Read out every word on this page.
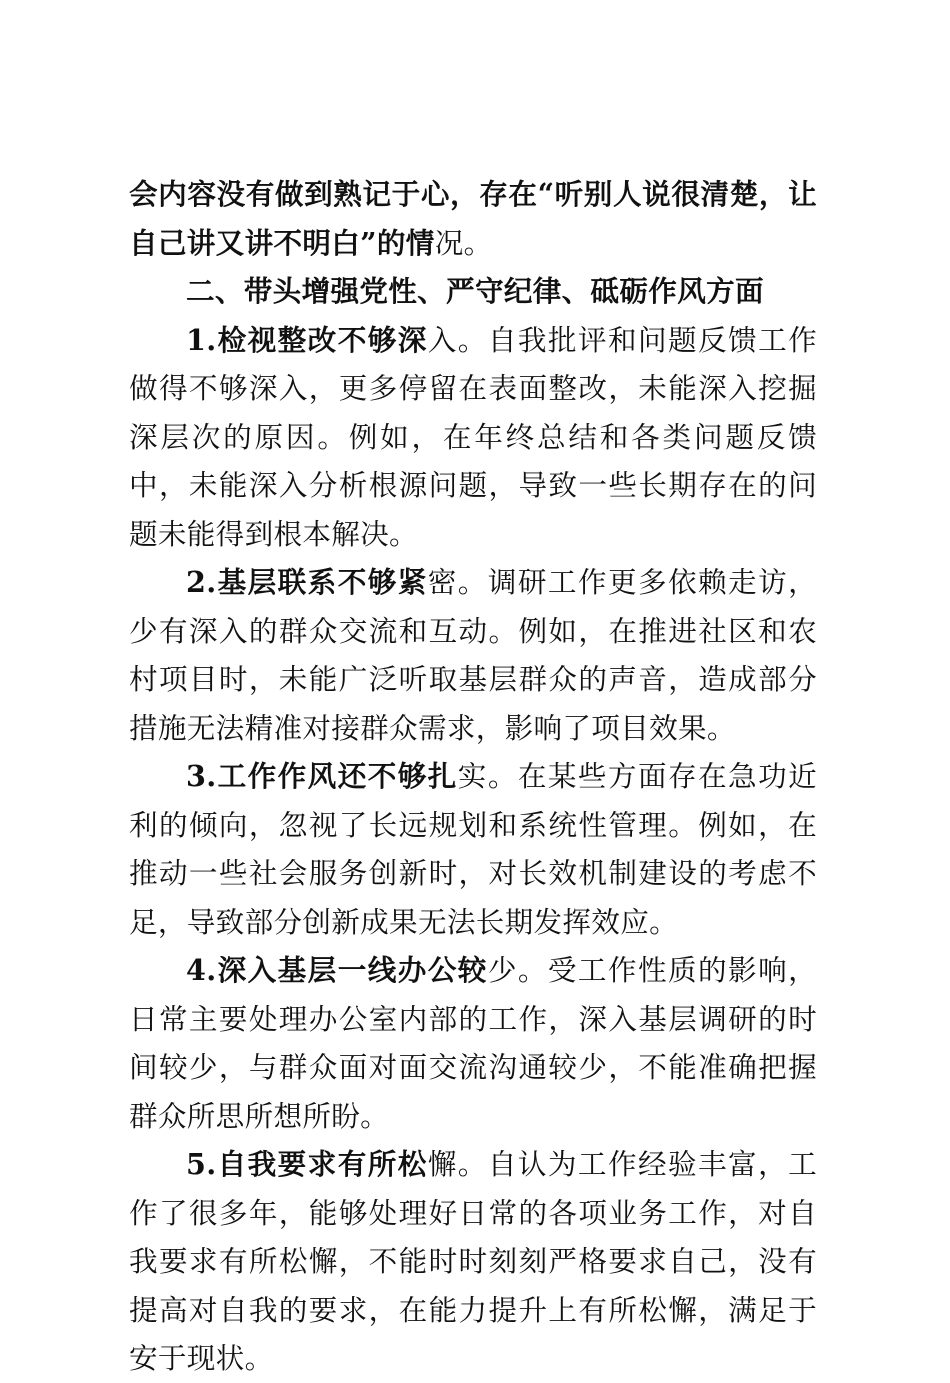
会内容没有做到熟记于心，存在“听别人说很清楚，让自己讲又讲不明白”的情况。

二、带头增强党性、严守纪律、砥砺作风方面

1.检视整改不够深入。自我批评和问题反馈工作做得不够深入，更多停留在表面整改，未能深入挖掘深层次的原因。例如，在年终总结和各类问题反馈中，未能深入分析根源问题，导致一些长期存在的问题未能得到根本解决。

2.基层联系不够紧密。调研工作更多依赖走访，少有深入的群众交流和互动。例如，在推进社区和农村项目时，未能广泛听取基层群众的声音，造成部分措施无法精准对接群众需求，影响了项目效果。

3.工作作风还不够扎实。在某些方面存在急功近利的倾向，忽视了长远规划和系统性管理。例如，在推动一些社会服务创新时，对长效机制建设的考虑不足，导致部分创新成果无法长期发挥效应。

4.深入基层一线办公较少。受工作性质的影响，日常主要处理办公室内部的工作，深入基层调研的时间较少，与群众面对面交流沟通较少，不能准确把握群众所思所想所盼。

5.自我要求有所松懈。自认为工作经验丰富，工作了很多年，能够处理好日常的各项业务工作，对自我要求有所松懈，不能时时刻刻严格要求自己，没有提高对自我的要求，在能力提升上有所松懈，满足于安于现状。
